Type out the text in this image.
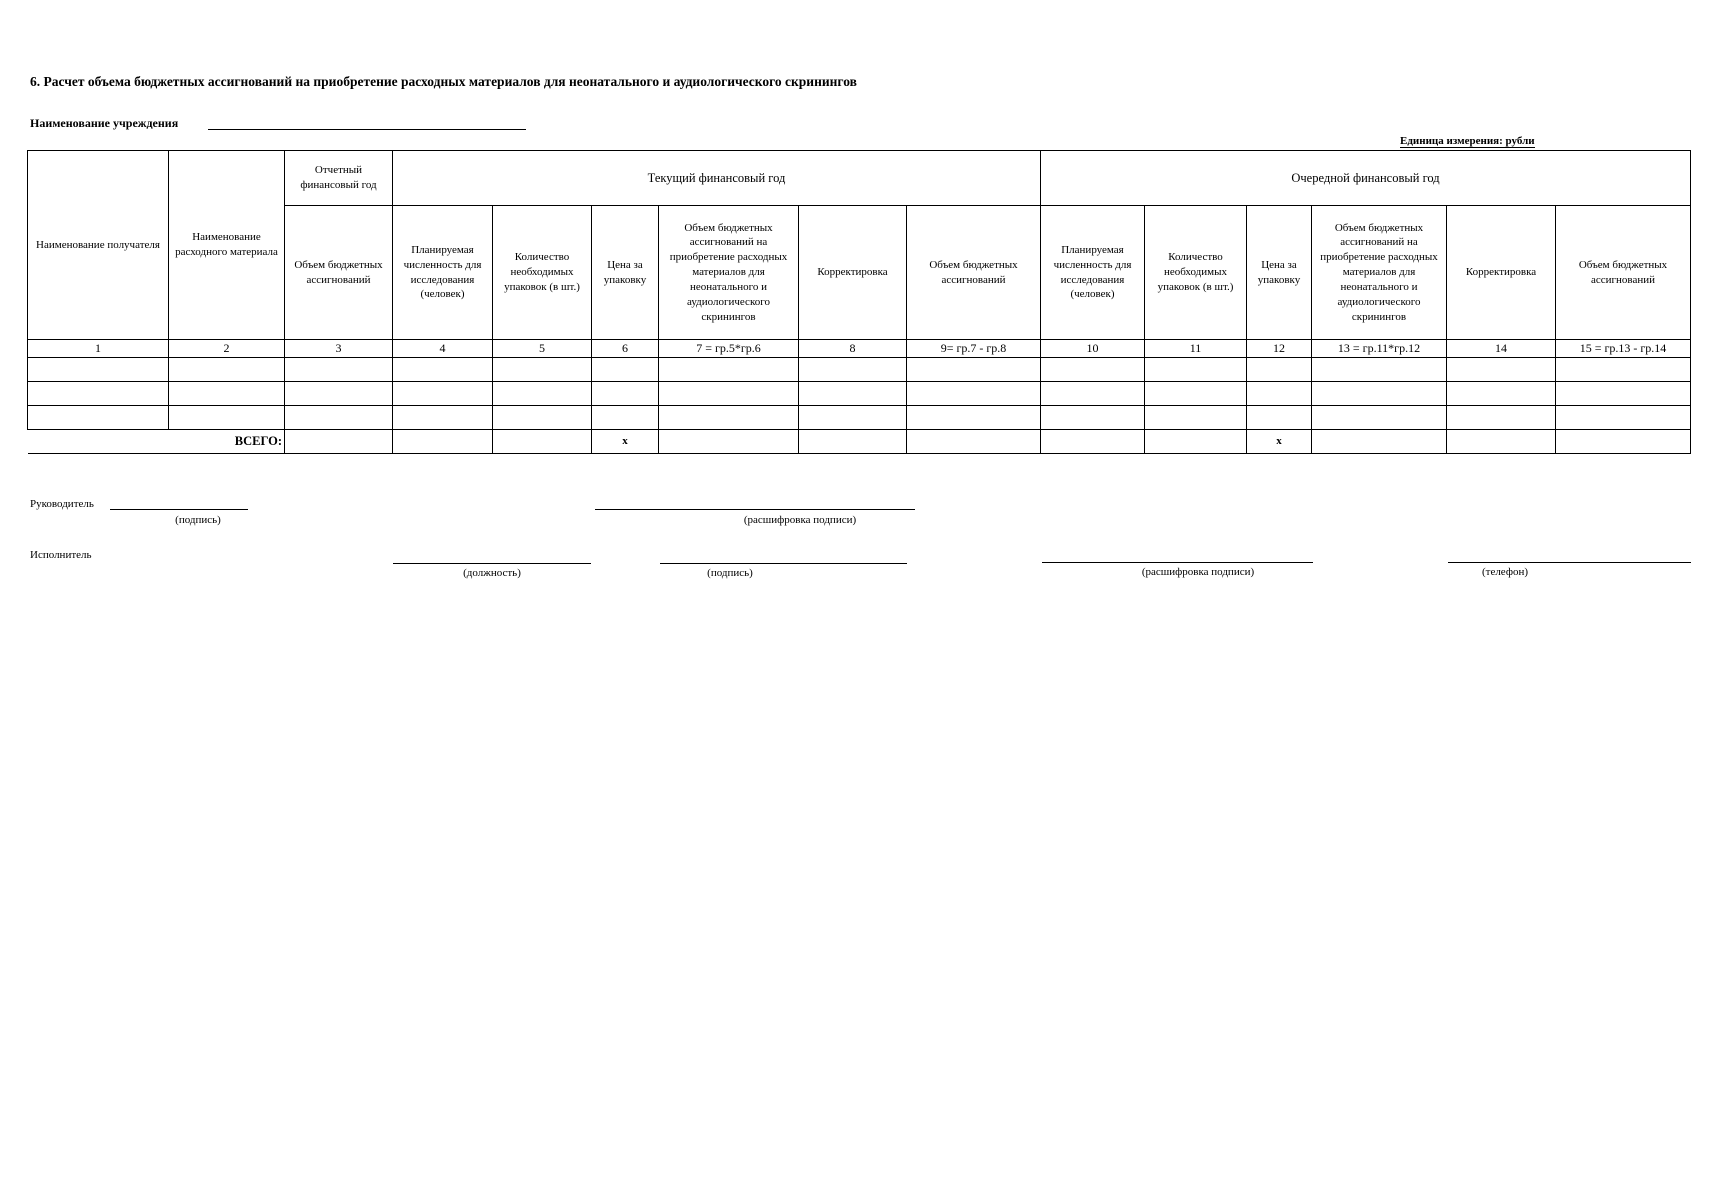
6. Расчет объема бюджетных ассигнований на приобретение расходных материалов для неонатального и аудиологического скринингов
Наименование учреждения
Единица измерения: рубли
Наименование получателя	Наименование расходного материала	Отчетный финансовый год	Текущий финансовый год						Очередной финансовый год					
		Объем бюджетных ассигнований	Планируемая численность для исследования (человек)	Количество необходимых упаковок (в шт.)	Цена за упаковку	Объем бюджетных ассигнований на приобретение расходных материалов для неонатального и аудиологического скринингов	Корректировка	Объем бюджетных ассигнований	Планируемая численность для исследования (человек)	Количество необходимых упаковок (в шт.)	Цена за упаковку	Объем бюджетных ассигнований на приобретение расходных материалов для неонатального и аудиологического скринингов	Корректировка	Объем бюджетных ассигнований
1	2	3	4	5	6	7 = гр.5*гр.6	8	9= гр.7 - гр.8	10	11	12	13 = гр.11*гр.12	14	15 = гр.13 - гр.14

ВСЕГО:					x						x			
Руководитель
(подпись)	(расшифровка подписи)
Исполнитель
(должность)	(подпись)	(расшифровка подписи)	(телефон)
